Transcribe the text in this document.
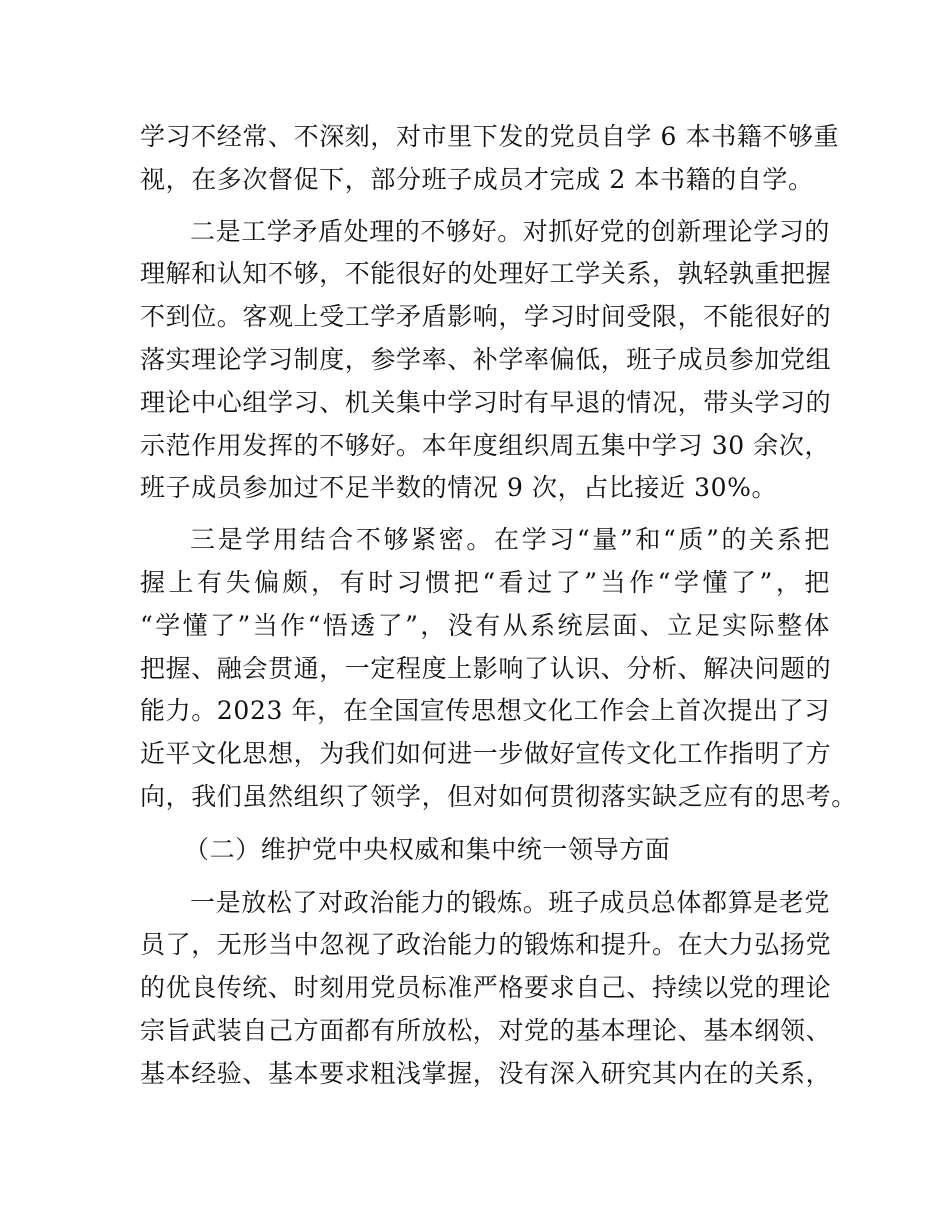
学习不经常、不深刻，对市里下发的党员自学 6 本书籍不够重
视，在多次督促下，部分班子成员才完成 2 本书籍的自学。
二是工学矛盾处理的不够好。对抓好党的创新理论学习的
理解和认知不够，不能很好的处理好工学关系，孰轻孰重把握
不到位。客观上受工学矛盾影响，学习时间受限，不能很好的
落实理论学习制度，参学率、补学率偏低，班子成员参加党组
理论中心组学习、机关集中学习时有早退的情况，带头学习的
示范作用发挥的不够好。本年度组织周五集中学习 30 余次，
班子成员参加过不足半数的情况 9 次，占比接近 30%。
三是学用结合不够紧密。在学习“量”和“质”的关系把
握上有失偏颇，有时习惯把“看过了”当作“学懂了”，把
“学懂了”当作“悟透了”，没有从系统层面、立足实际整体
把握、融会贯通，一定程度上影响了认识、分析、解决问题的
能力。2023 年，在全国宣传思想文化工作会上首次提出了习
近平文化思想，为我们如何进一步做好宣传文化工作指明了方
向，我们虽然组织了领学，但对如何贯彻落实缺乏应有的思考。
（二）维护党中央权威和集中统一领导方面
一是放松了对政治能力的锻炼。班子成员总体都算是老党
员了，无形当中忽视了政治能力的锻炼和提升。在大力弘扬党
的优良传统、时刻用党员标准严格要求自己、持续以党的理论
宗旨武装自己方面都有所放松，对党的基本理论、基本纲领、
基本经验、基本要求粗浅掌握，没有深入研究其内在的关系，
